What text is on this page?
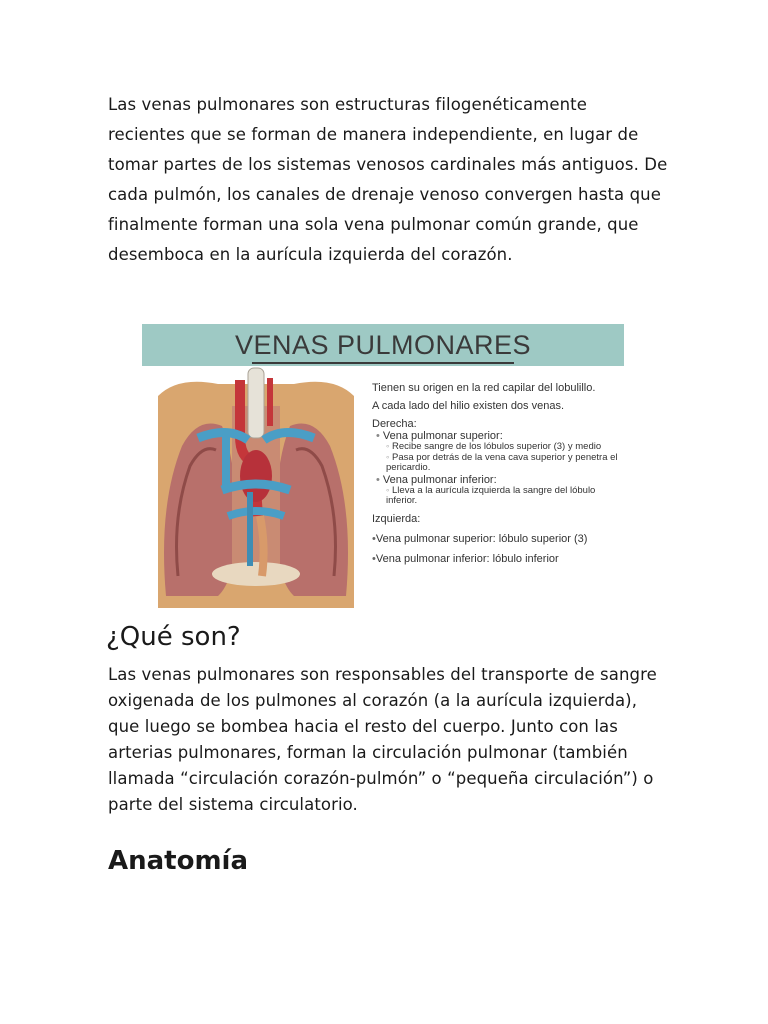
Las venas pulmonares son estructuras filogenéticamente recientes que se forman de manera independiente, en lugar de tomar partes de los sistemas venosos cardinales más antiguos. De cada pulmón, los canales de drenaje venoso convergen hasta que finalmente forman una sola vena pulmonar común grande, que desemboca en la aurícula izquierda del corazón.

VENAS PULMONARES

Tienen su origen en la red capilar del lobulillo.

A cada lado del hilio existen dos venas.

Derecha:

• Vena pulmonar superior:

◦ Recibe sangre de los lóbulos superior (3) y medio

◦ Pasa por detrás de la vena cava superior y penetra el pericardio.

• Vena pulmonar inferior:

◦ Lleva a la aurícula izquierda la sangre del lóbulo inferior.

Izquierda:

• Vena pulmonar superior: lóbulo superior (3)

• Vena pulmonar inferior: lóbulo inferior

¿Qué son?

Las venas pulmonares son responsables del transporte de sangre oxigenada de los pulmones al corazón (a la aurícula izquierda), que luego se bombea hacia el resto del cuerpo. Junto con las arterias pulmonares, forman la circulación pulmonar (también llamada “circulación corazón-pulmón” o “pequeña circulación”) o parte del sistema circulatorio.

Anatomía
